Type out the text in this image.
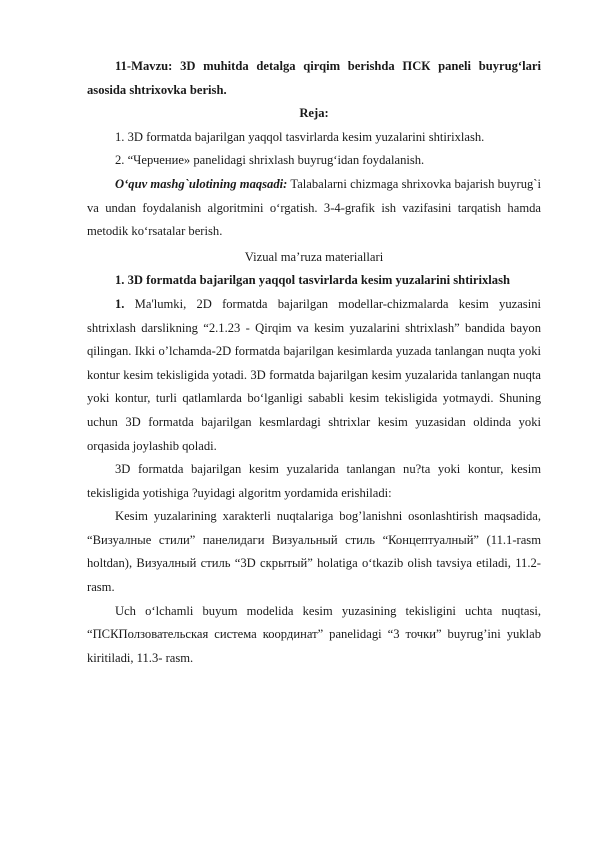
11-Mavzu: 3D muhitda detalga qirqim berishda ПСК paneli buyrug‘lari asosida shtrixovka berish.

Reja:

1. 3D formatda bajarilgan yaqqol tasvirlarda kesim yuzalarini shtirixlash.

2. “Черчение» panelidagi shrixlash buyrug‘idan foydalanish.

O‘quv mashg`ulotining maqsadi: Talabalarni chizmaga shrixovka bajarish buyrug`i va undan foydalanish algoritmini o‘rgatish. 3-4-grafik ish vazifasini tarqatish hamda metodik ko‘rsatalar berish.

Vizual ma’ruza materiallari

1. 3D formatda bajarilgan yaqqol tasvirlarda kesim yuzalarini shtirixlash

1. Ma'lumki, 2D formatda bajarilgan modellar-chizmalarda kesim yuzasini shtrixlash darslikning “2.1.23 - Qirqim va kesim yuzalarini shtrixlash” bandida bayon qilingan. Ikki o’lchamda-2D formatda bajarilgan kesimlarda yuzada tanlangan nuqta yoki kontur kesim tekisligida yotadi. 3D formatda bajarilgan kesim yuzalarida tanlangan nuqta yoki kontur, turli qatlamlarda bo‘lganligi sababli kesim tekisligida yotmaydi. Shuning uchun 3D formatda bajarilgan kesmlardagi shtrixlar kesim yuzasidan oldinda yoki orqasida joylashib qoladi.

3D formatda bajarilgan kesim yuzalarida tanlangan nu?ta yoki kontur, kesim tekisligida yotishiga ?uyidagi algoritm yordamida erishiladi:

Kesim yuzalarining xarakterli nuqtalariga bog’lanishni osonlashtirish maqsadida, “Визуалные стили” панелидаги Визуальный стиль “Концептуалный” (11.1-rasm holtdan), Визуалный стиль “3D скрытый” holatiga o‘tkazib olish tavsiya etiladi, 11.2- rasm.

Uch o‘lchamli buyum modelida kesim yuzasining tekisligini uchta nuqtasi, “ПСКПолзовательская система координат” panelidagi “3 точки” buyrug’ini yuklab kiritiladi, 11.3- rasm.
